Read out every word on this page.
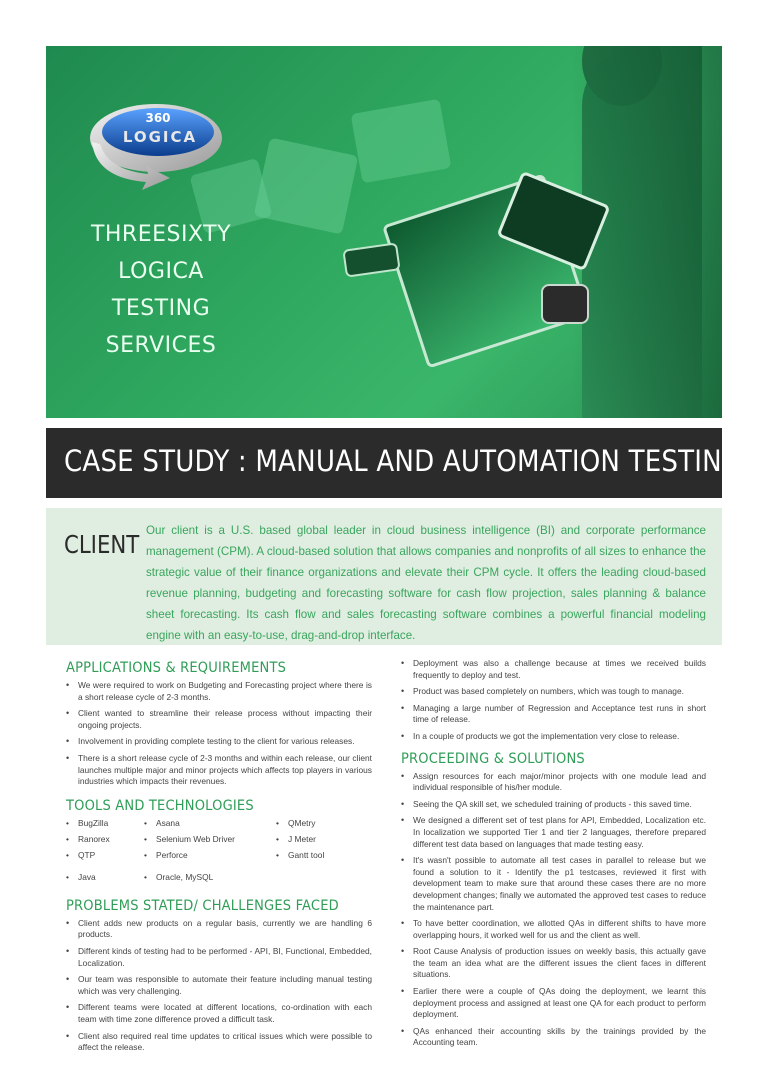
360
LOGICA
THREESIXTY
LOGICA TESTING
SERVICES
CASE STUDY : MANUAL AND AUTOMATION TESTING
CLIENT Our client is a U.S. based global leader in cloud business intelligence (BI) and corporate performance management (CPM). A cloud-based solution that allows companies and nonprofits of all sizes to enhance the strategic value of their finance organizations and elevate their CPM cycle. It offers the leading cloud-based revenue planning, budgeting and forecasting software for cash flow projection, sales planning & balance sheet forecasting. Its cash flow and sales forecasting software combines a powerful financial modeling engine with an easy-to-use, drag-and-drop interface.

APPLICATIONS & REQUIREMENTS
• We were required to work on Budgeting and Forecasting project where there is a short release cycle of 2-3 months.
• Client wanted to streamline their release process without impacting their ongoing projects.
• Involvement in providing complete testing to the client for various releases.
• There is a short release cycle of 2-3 months and within each release, our client launches multiple major and minor projects which affects top players in various industries which impacts their revenues.
TOOLS AND TECHNOLOGIES
• BugZilla	• Asana	• QMetry
• Ranorex	• Selenium Web Driver	• J Meter
• QTP	• Perforce	• Gantt tool
• Java	• Oracle, MySQL
PROBLEMS STATED/ CHALLENGES FACED
• Client adds new products on a regular basis, currently we are handling 6 products.
• Different kinds of testing had to be performed - API, BI, Functional, Embedded, Localization.
• Our team was responsible to automate their feature including manual testing which was very challenging.
• Different teams were located at different locations, co-ordination with each team with time zone difference proved a difficult task.
• Client also required real time updates to critical issues which were possible to affect the release.
• Deployment was also a challenge because at times we received builds frequently to deploy and test.
• Product was based completely on numbers, which was tough to manage.
• Managing a large number of Regression and Acceptance test runs in short time of release.
• In a couple of products we got the implementation very close to release.
PROCEEDING & SOLUTIONS
• Assign resources for each major/minor projects with one module lead and individual responsible of his/her module.
• Seeing the QA skill set, we scheduled training of products - this saved time.
• We designed a different set of test plans for API, Embedded, Localization etc. In localization we supported Tier 1 and tier 2 languages, therefore prepared different test data based on languages that made testing easy.
• It's wasn't possible to automate all test cases in parallel to release but we found a solution to it - Identify the p1 testcases, reviewed it first with development team to make sure that around these cases there are no more development changes; finally we automated the approved test cases to reduce the maintenance part.
• To have better coordination, we allotted QAs in different shifts to have more overlapping hours, it worked well for us and the client as well.
• Root Cause Analysis of production issues on weekly basis, this actually gave the team an idea what are the different issues the client faces in different situations.
• Earlier there were a couple of QAs doing the deployment, we learnt this deployment process and assigned at least one QA for each product to perform deployment.
• QAs enhanced their accounting skills by the trainings provided by the Accounting team.
